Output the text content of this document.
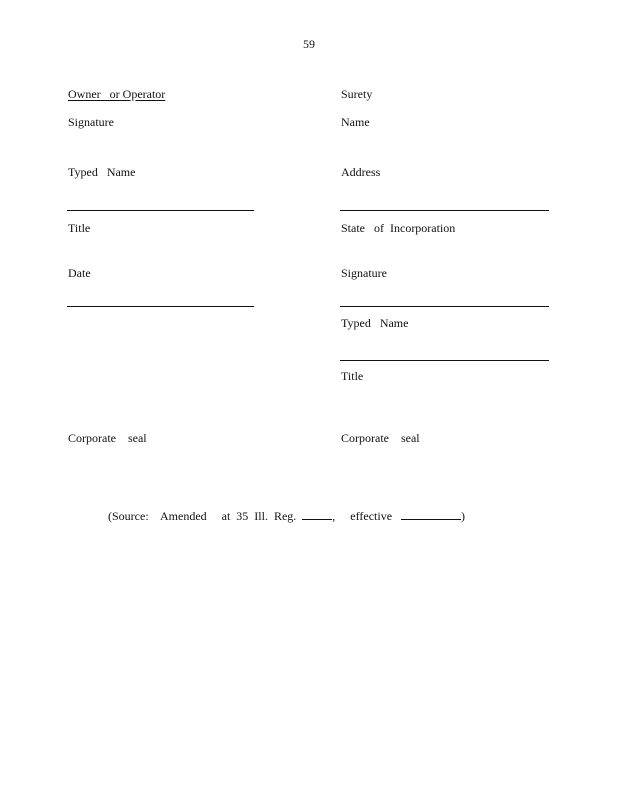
59
Owner   or Operator
Signature
Typed   Name
Title
Date
Corporate    seal
Surety
Name
Address
State   of  Incorporation
Signature
Typed   Name
Title
Corporate    seal
(Source:    Amended     at  35  Ill.  Reg.	,     effective	)
